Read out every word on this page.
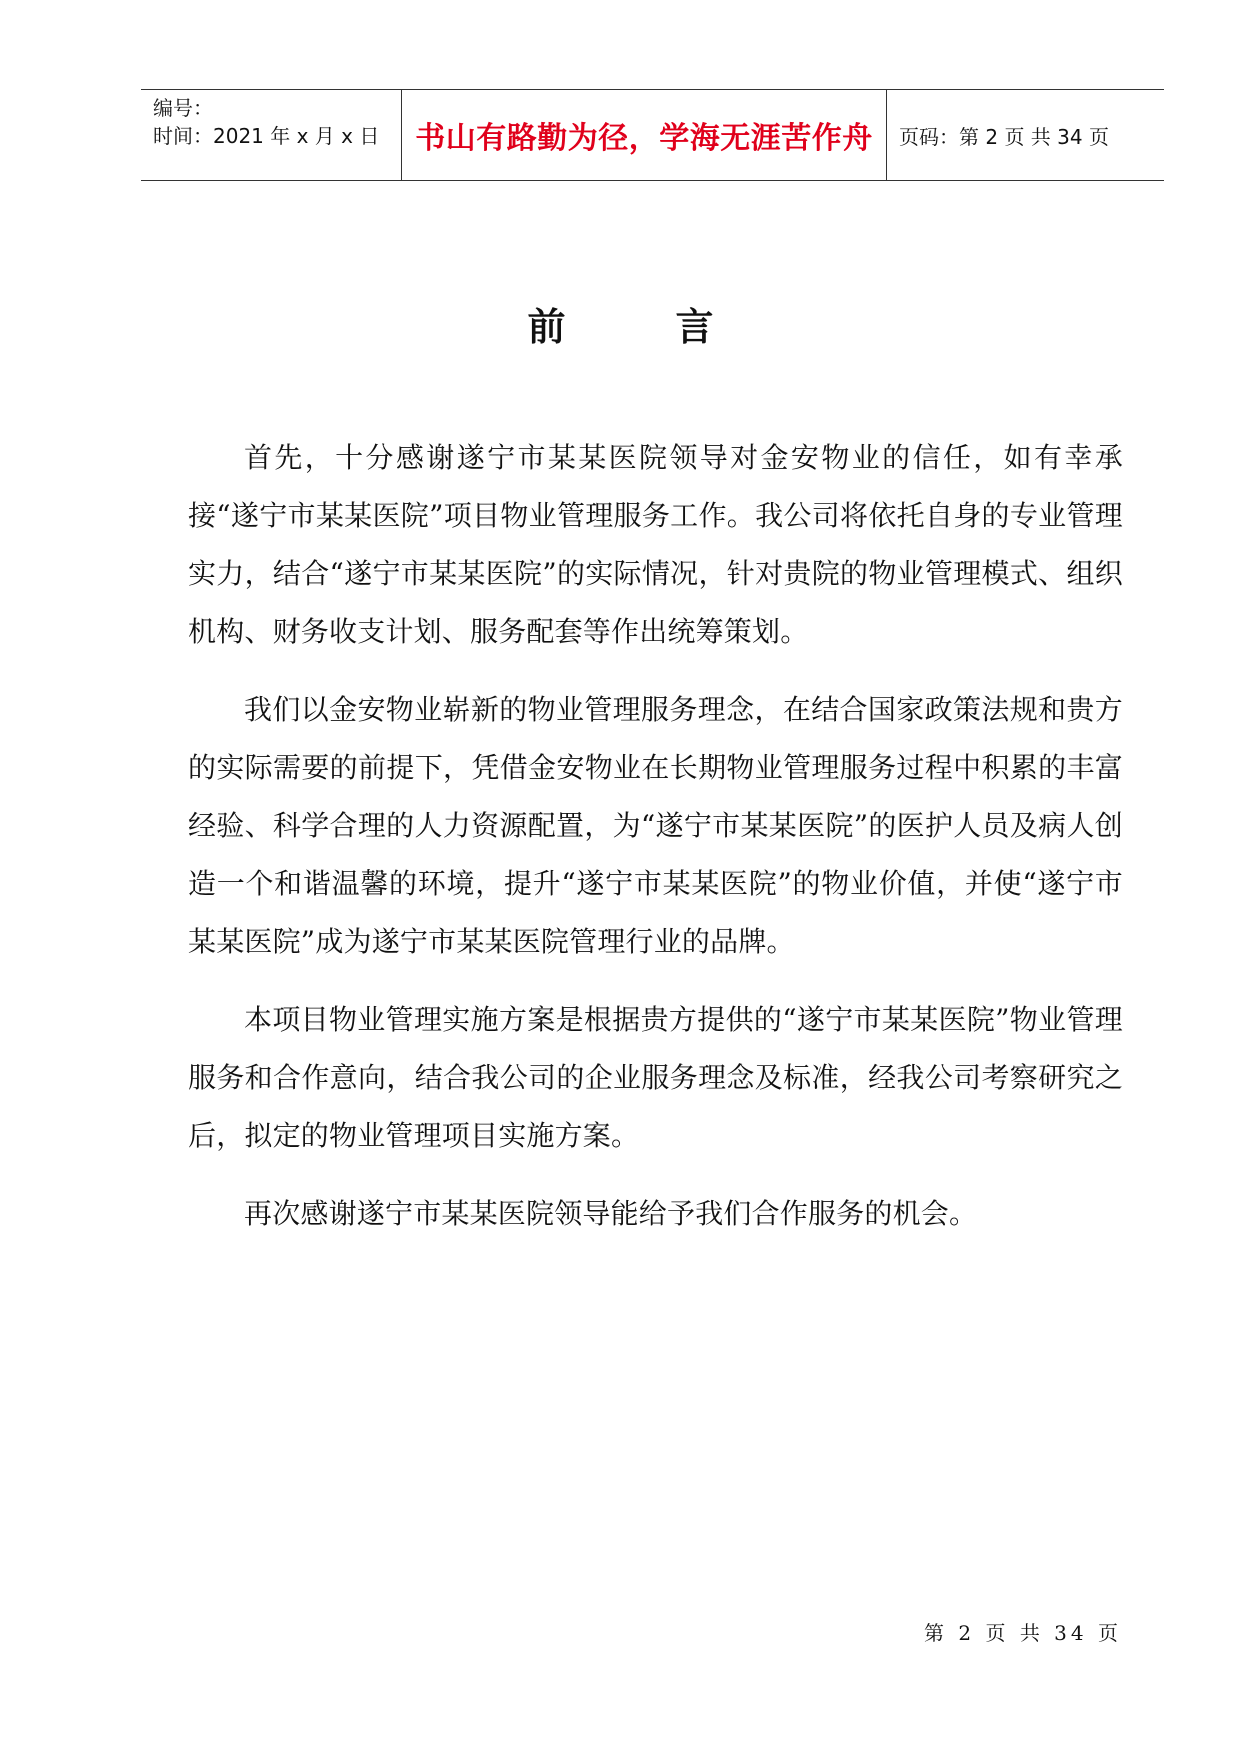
编号：
时间：2021 年 x 月 x 日	书山有路勤为径，学海无涯苦作舟	页码：第 2 页 共 34 页
前言

首先，十分感谢遂宁市某某医院领导对金安物业的信任，如有幸承接“遂宁市某某医院”项目物业管理服务工作。我公司将依托自身的专业管理实力，结合“遂宁市某某医院”的实际情况，针对贵院的物业管理模式、组织机构、财务收支计划、服务配套等作出统筹策划。

我们以金安物业崭新的物业管理服务理念，在结合国家政策法规和贵方的实际需要的前提下，凭借金安物业在长期物业管理服务过程中积累的丰富经验、科学合理的人力资源配置，为“遂宁市某某医院”的医护人员及病人创造一个和谐温馨的环境，提升“遂宁市某某医院”的物业价值，并使“遂宁市某某医院”成为遂宁市某某医院管理行业的品牌。

本项目物业管理实施方案是根据贵方提供的“遂宁市某某医院”物业管理服务和合作意向，结合我公司的企业服务理念及标准，经我公司考察研究之后，拟定的物业管理项目实施方案。

再次感谢遂宁市某某医院领导能给予我们合作服务的机会。

第 2 页 共 34 页
